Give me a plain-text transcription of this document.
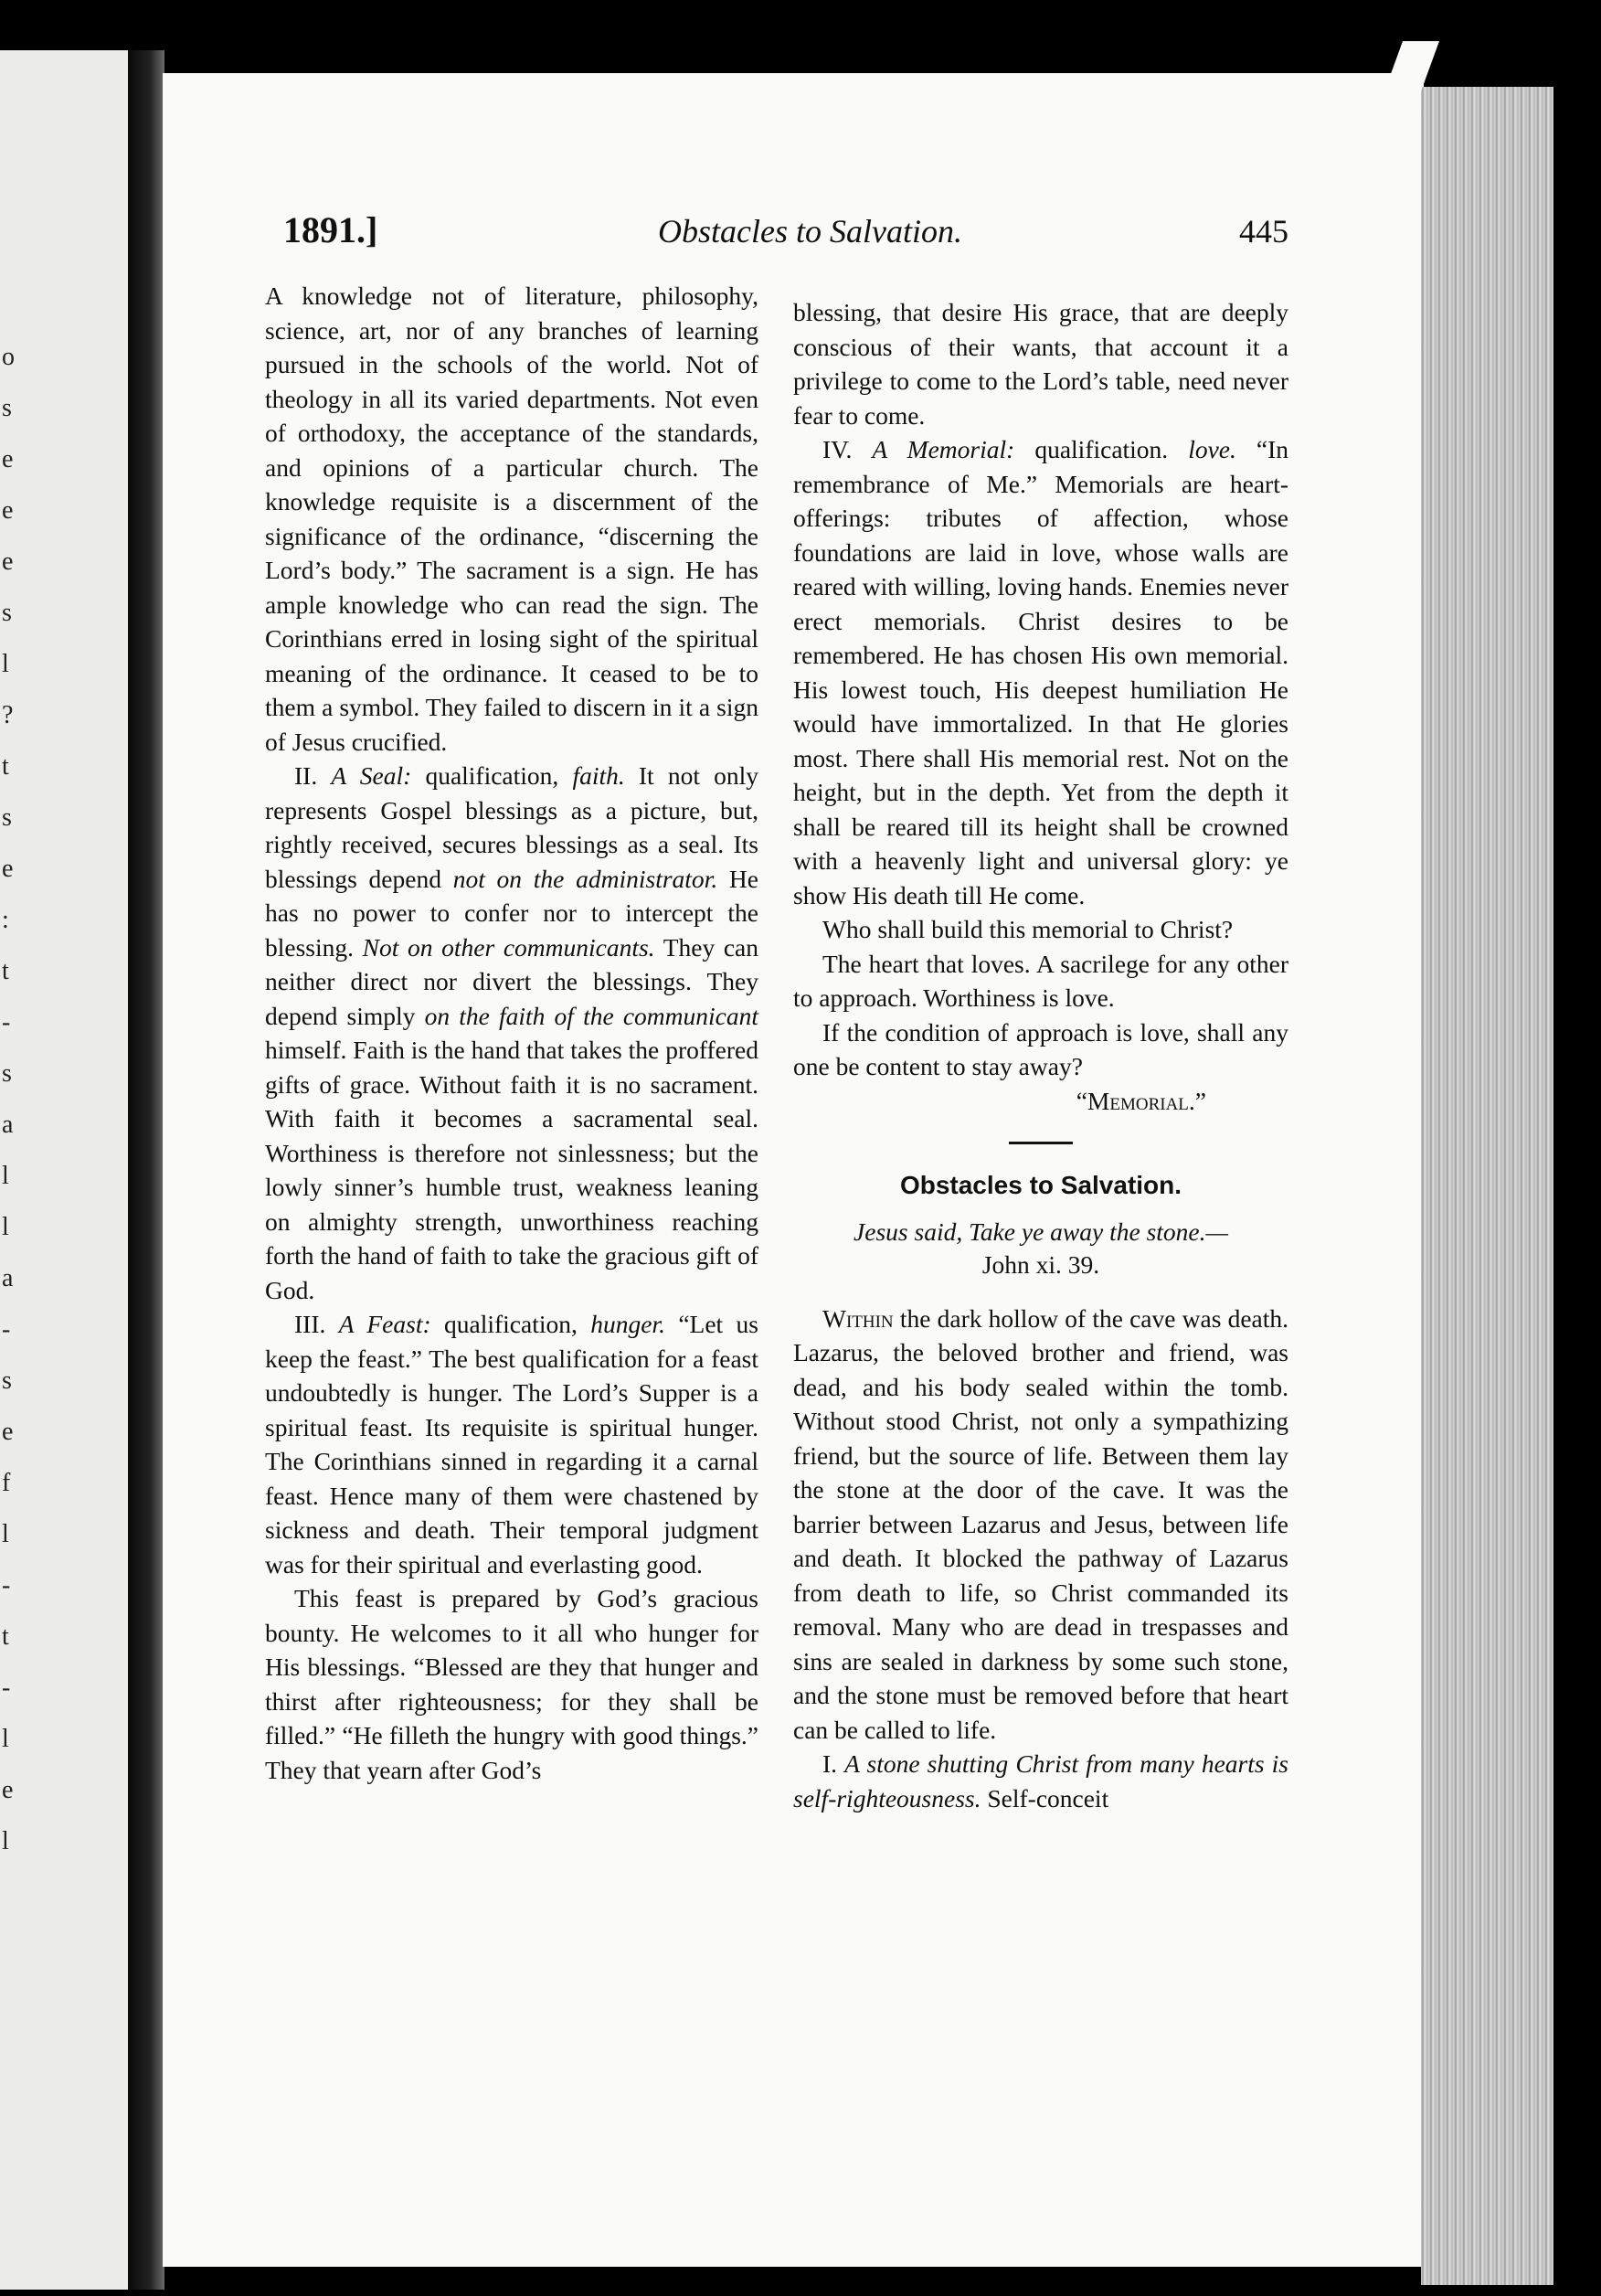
o
s
e
e
e
s
l
?
t
s
e
:
t
-
s
a
l
l
a
-
s
e
f
l
-
t
-
l
e
l
1891.]	Obstacles to Salvation.	445

A knowledge not of literature, philosophy, science, art, nor of any branches of learning pursued in the schools of the world. Not of theology in all its varied departments. Not even of orthodoxy, the acceptance of the standards, and opinions of a particular church. The knowledge requisite is a discernment of the significance of the ordinance, “discerning the Lord’s body.” The sacrament is a sign. He has ample knowledge who can read the sign. The Corinthians erred in losing sight of the spiritual meaning of the ordinance. It ceased to be to them a symbol. They failed to discern in it a sign of Jesus crucified.

II. A Seal: qualification, faith. It not only represents Gospel blessings as a picture, but, rightly received, secures blessings as a seal. Its blessings depend not on the administrator. He has no power to confer nor to intercept the blessing. Not on other communicants. They can neither direct nor divert the blessings. They depend simply on the faith of the communicant himself. Faith is the hand that takes the proffered gifts of grace. Without faith it is no sacrament. With faith it becomes a sacramental seal. Worthiness is therefore not sinlessness; but the lowly sinner’s humble trust, weakness leaning on almighty strength, unworthiness reaching forth the hand of faith to take the gracious gift of God.

III. A Feast: qualification, hunger. “Let us keep the feast.” The best qualification for a feast undoubtedly is hunger. The Lord’s Supper is a spiritual feast. Its requisite is spiritual hunger. The Corinthians sinned in regarding it a carnal feast. Hence many of them were chastened by sickness and death. Their temporal judgment was for their spiritual and everlasting good.

This feast is prepared by God’s gracious bounty. He welcomes to it all who hunger for His blessings. “Blessed are they that hunger and thirst after righteousness; for they shall be filled.” “He filleth the hungry with good things.” They that yearn after God’s

blessing, that desire His grace, that are deeply conscious of their wants, that account it a privilege to come to the Lord’s table, need never fear to come.

IV. A Memorial: qualification. love. “In remembrance of Me.” Memorials are heart-offerings: tributes of affection, whose foundations are laid in love, whose walls are reared with willing, loving hands. Enemies never erect memorials. Christ desires to be remembered. He has chosen His own memorial. His lowest touch, His deepest humiliation He would have immortalized. In that He glories most. There shall His memorial rest. Not on the height, but in the depth. Yet from the depth it shall be reared till its height shall be crowned with a heavenly light and universal glory: ye show His death till He come.

Who shall build this memorial to Christ?

The heart that loves. A sacrilege for any other to approach. Worthiness is love.

If the condition of approach is love, shall any one be content to stay away?

“Memorial.”

Obstacles to Salvation.
Jesus said, Take ye away the stone.—
John xi. 39.

Within the dark hollow of the cave was death. Lazarus, the beloved brother and friend, was dead, and his body sealed within the tomb. Without stood Christ, not only a sympathizing friend, but the source of life. Between them lay the stone at the door of the cave. It was the barrier between Lazarus and Jesus, between life and death. It blocked the pathway of Lazarus from death to life, so Christ commanded its removal. Many who are dead in trespasses and sins are sealed in darkness by some such stone, and the stone must be removed before that heart can be called to life.

I. A stone shutting Christ from many hearts is self-righteousness. Self-conceit
